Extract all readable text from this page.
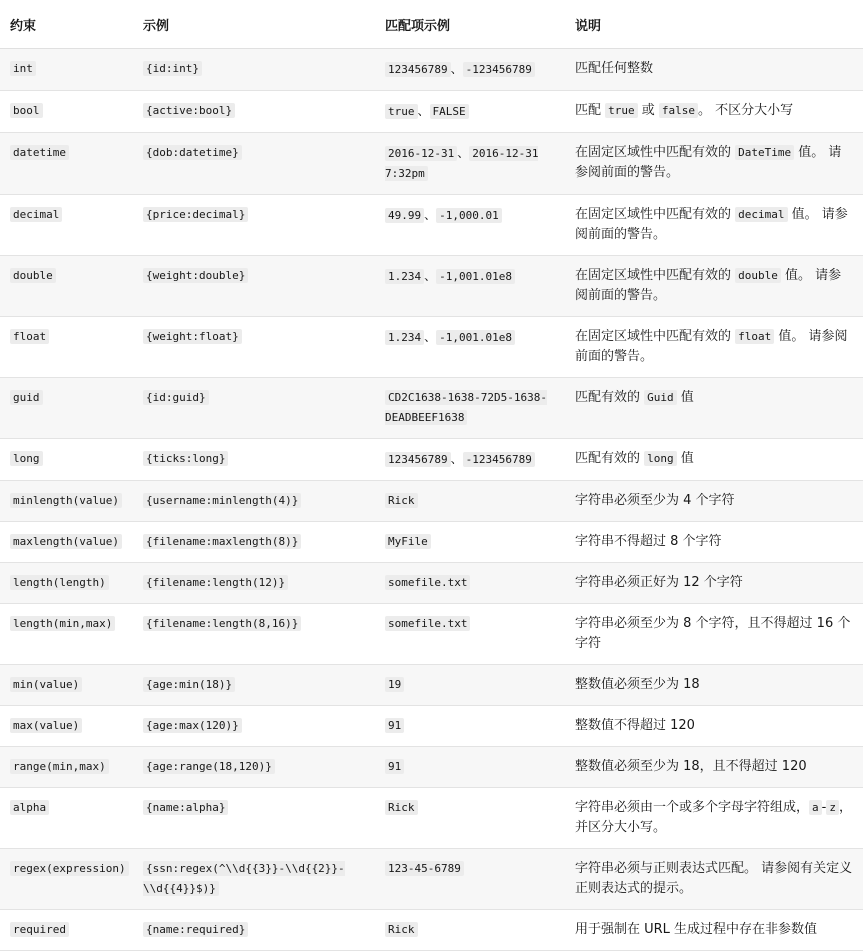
约束	示例	匹配项示例	说明
int	{id:int}	123456789 、 -123456789	匹配任何整数
bool	{active:bool}	true 、 FALSE	匹配 true 或 false 。 不区分大小写
datetime	{dob:datetime}	2016-12-31 、 2016-12-31 7:32pm	在固定区域性中匹配有效的 DateTime 值。 请参阅前面的警告。
decimal	{price:decimal}	49.99 、 -1,000.01	在固定区域性中匹配有效的 decimal 值。 请参阅前面的警告。
double	{weight:double}	1.234 、 -1,001.01e8	在固定区域性中匹配有效的 double 值。 请参阅前面的警告。
float	{weight:float}	1.234 、 -1,001.01e8	在固定区域性中匹配有效的 float 值。 请参阅前面的警告。
guid	{id:guid}	CD2C1638-1638-72D5-1638-DEADBEEF1638	匹配有效的 Guid 值
long	{ticks:long}	123456789 、 -123456789	匹配有效的 long 值
minlength(value)	{username:minlength(4)}	Rick	字符串必须至少为 4 个字符
maxlength(value)	{filename:maxlength(8)}	MyFile	字符串不得超过 8 个字符
length(length)	{filename:length(12)}	somefile.txt	字符串必须正好为 12 个字符
length(min,max)	{filename:length(8,16)}	somefile.txt	字符串必须至少为 8 个字符，且不得超过 16 个字符
min(value)	{age:min(18)}	19	整数值必须至少为 18
max(value)	{age:max(120)}	91	整数值不得超过 120
range(min,max)	{age:range(18,120)}	91	整数值必须至少为 18，且不得超过 120
alpha	{name:alpha}	Rick	字符串必须由一个或多个字母字符组成， a - z ，并区分大小写。
regex(expression)	{ssn:regex(^\\d{{3}}-\\d{{2}}-\\d{{4}}$)}	123-45-6789	字符串必须与正则表达式匹配。 请参阅有关定义正则表达式的提示。
required	{name:required}	Rick	用于强制在 URL 生成过程中存在非参数值
